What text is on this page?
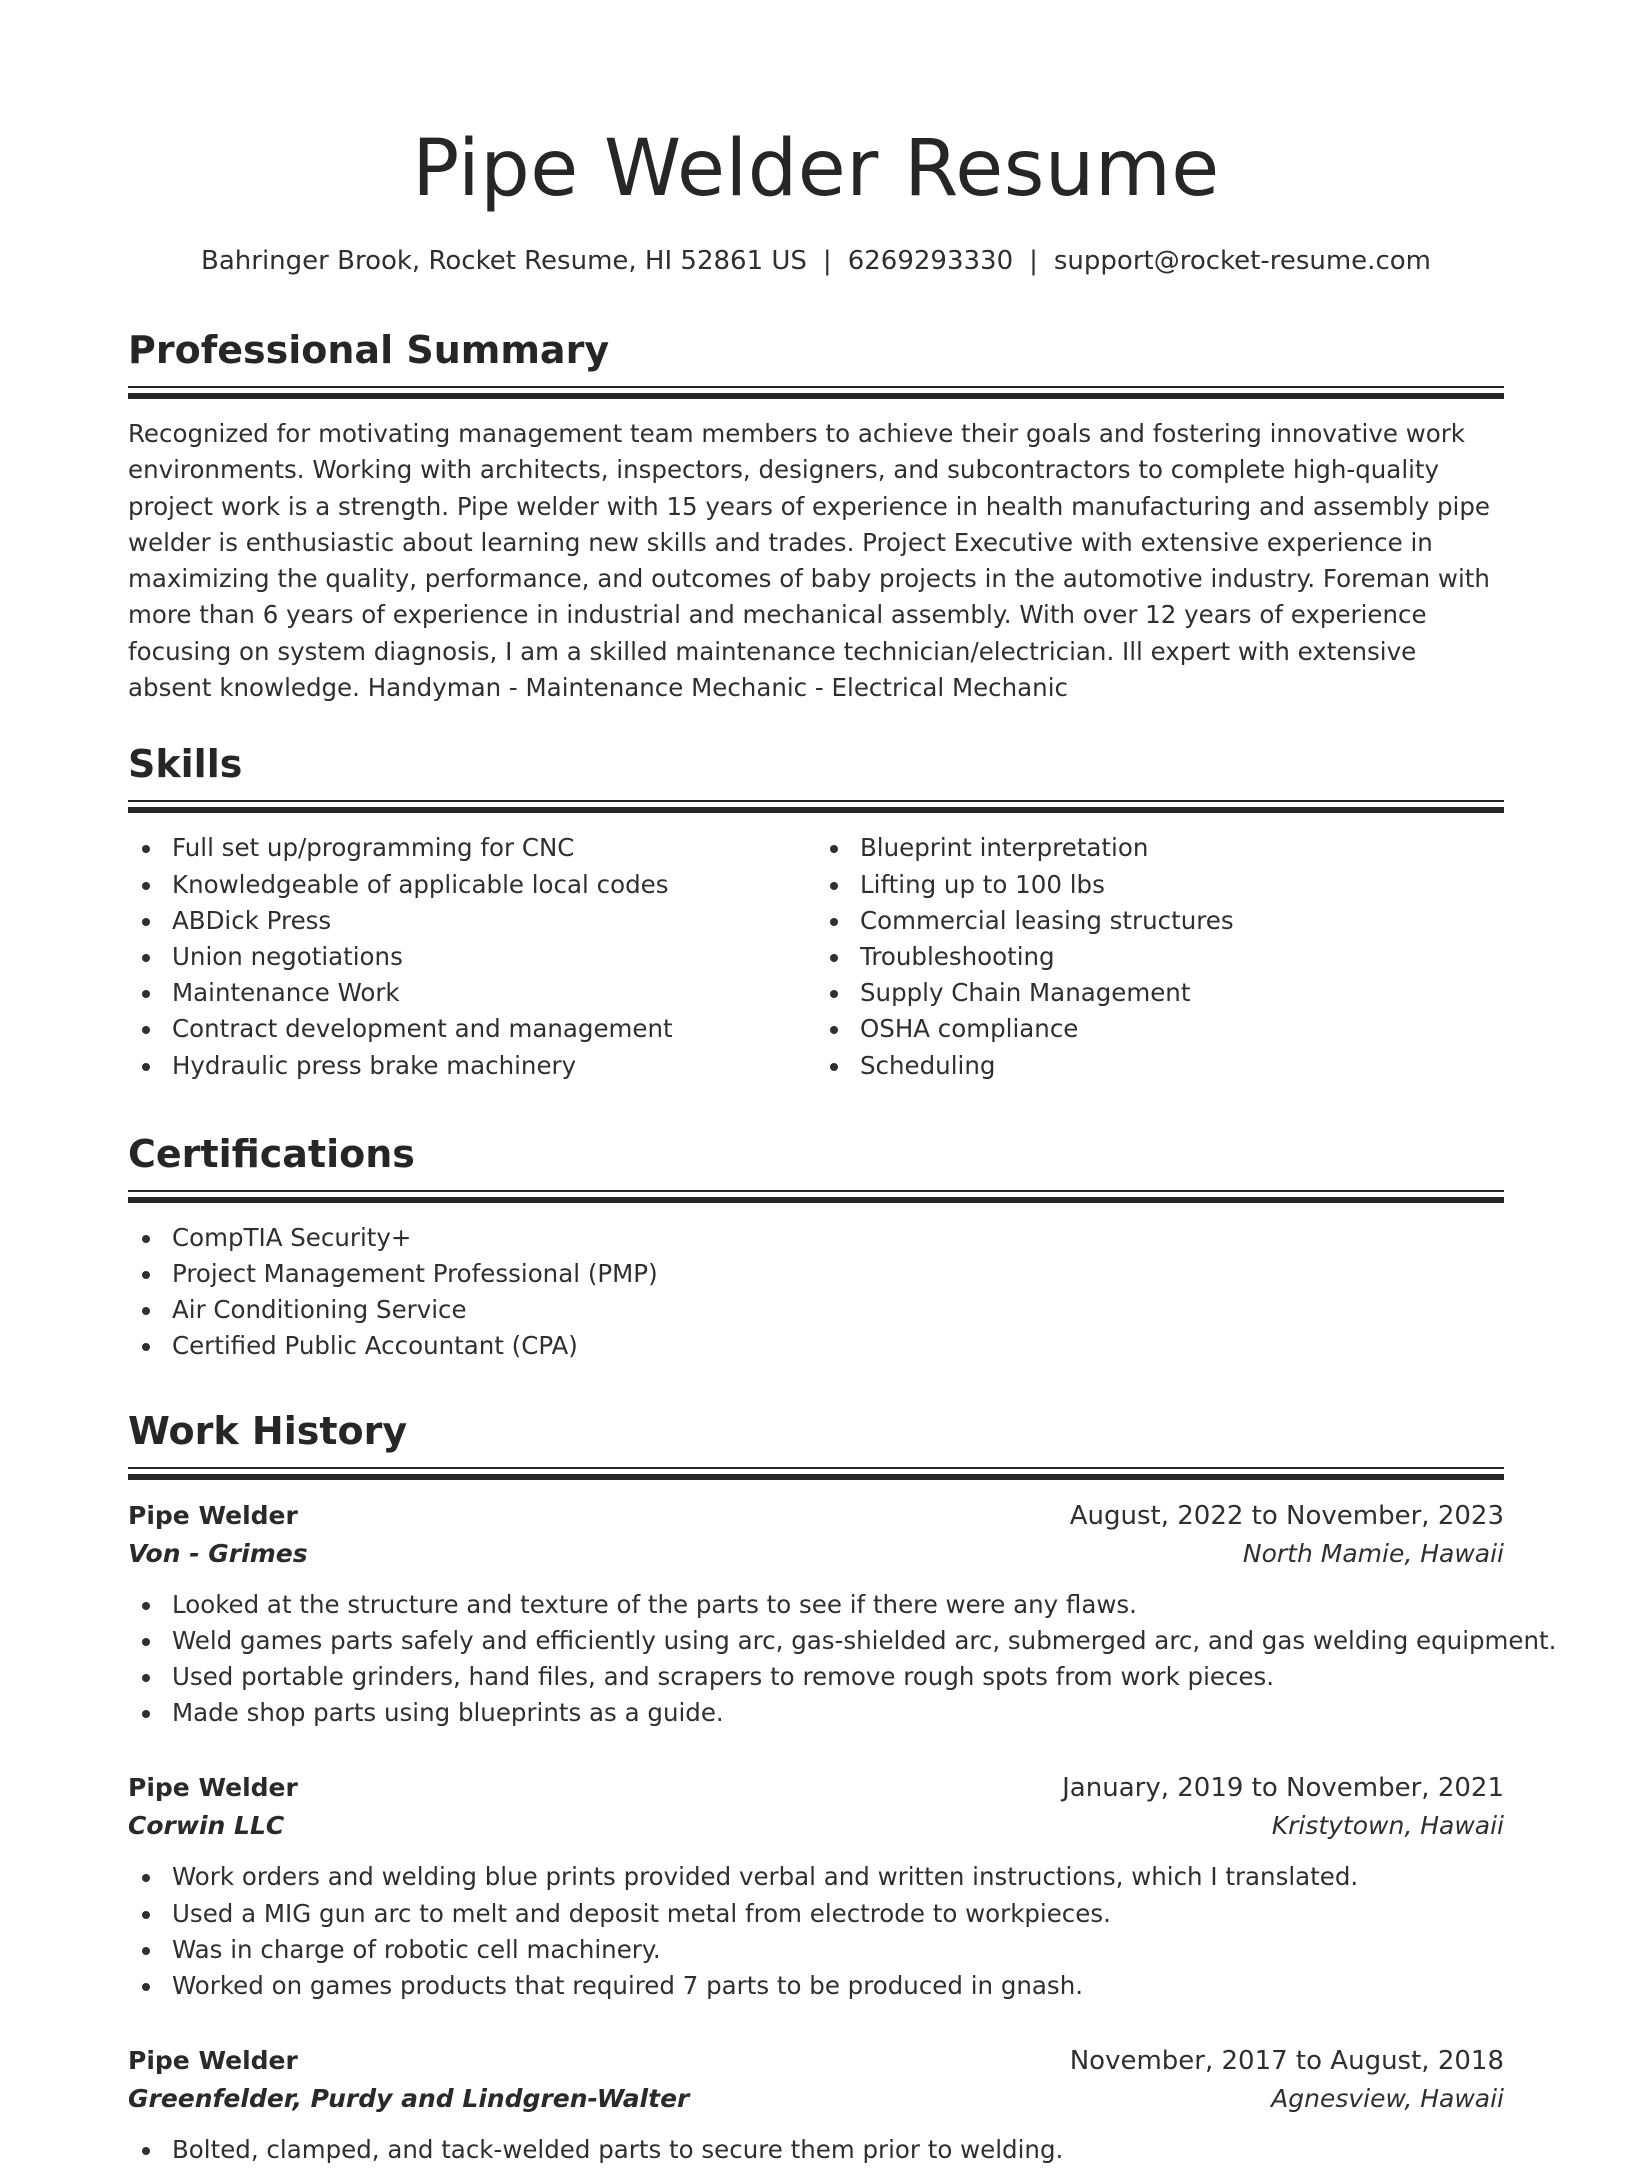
Pipe Welder Resume
Bahringer Brook, Rocket Resume, HI 52861 US | 6269293330 | support@rocket-resume.com
Professional Summary

Recognized for motivating management team members to achieve their goals and fostering innovative work environments. Working with architects, inspectors, designers, and subcontractors to complete high-quality project work is a strength. Pipe welder with 15 years of experience in health manufacturing and assembly pipe welder is enthusiastic about learning new skills and trades. Project Executive with extensive experience in maximizing the quality, performance, and outcomes of baby projects in the automotive industry. Foreman with more than 6 years of experience in industrial and mechanical assembly. With over 12 years of experience focusing on system diagnosis, I am a skilled maintenance technician/electrician. Ill expert with extensive absent knowledge. Handyman - Maintenance Mechanic - Electrical Mechanic

Skills
Full set up/programming for CNC
Knowledgeable of applicable local codes
ABDick Press
Union negotiations
Maintenance Work
Contract development and management
Hydraulic press brake machinery
Blueprint interpretation
Lifting up to 100 lbs
Commercial leasing structures
Troubleshooting
Supply Chain Management
OSHA compliance
Scheduling
Certifications
CompTIA Security+
Project Management Professional (PMP)
Air Conditioning Service
Certified Public Accountant (CPA)
Work History
Pipe Welder	August, 2022 to November, 2023
Von - Grimes	North Mamie, Hawaii
Looked at the structure and texture of the parts to see if there were any flaws.
Weld games parts safely and efficiently using arc, gas-shielded arc, submerged arc, and gas welding equipment.
Used portable grinders, hand files, and scrapers to remove rough spots from work pieces.
Made shop parts using blueprints as a guide.
Pipe Welder	January, 2019 to November, 2021
Corwin LLC	Kristytown, Hawaii
Work orders and welding blue prints provided verbal and written instructions, which I translated.
Used a MIG gun arc to melt and deposit metal from electrode to workpieces.
Was in charge of robotic cell machinery.
Worked on games products that required 7 parts to be produced in gnash.
Pipe Welder	November, 2017 to August, 2018
Greenfelder, Purdy and Lindgren-Walter	Agnesview, Hawaii
Bolted, clamped, and tack-welded parts to secure them prior to welding.
